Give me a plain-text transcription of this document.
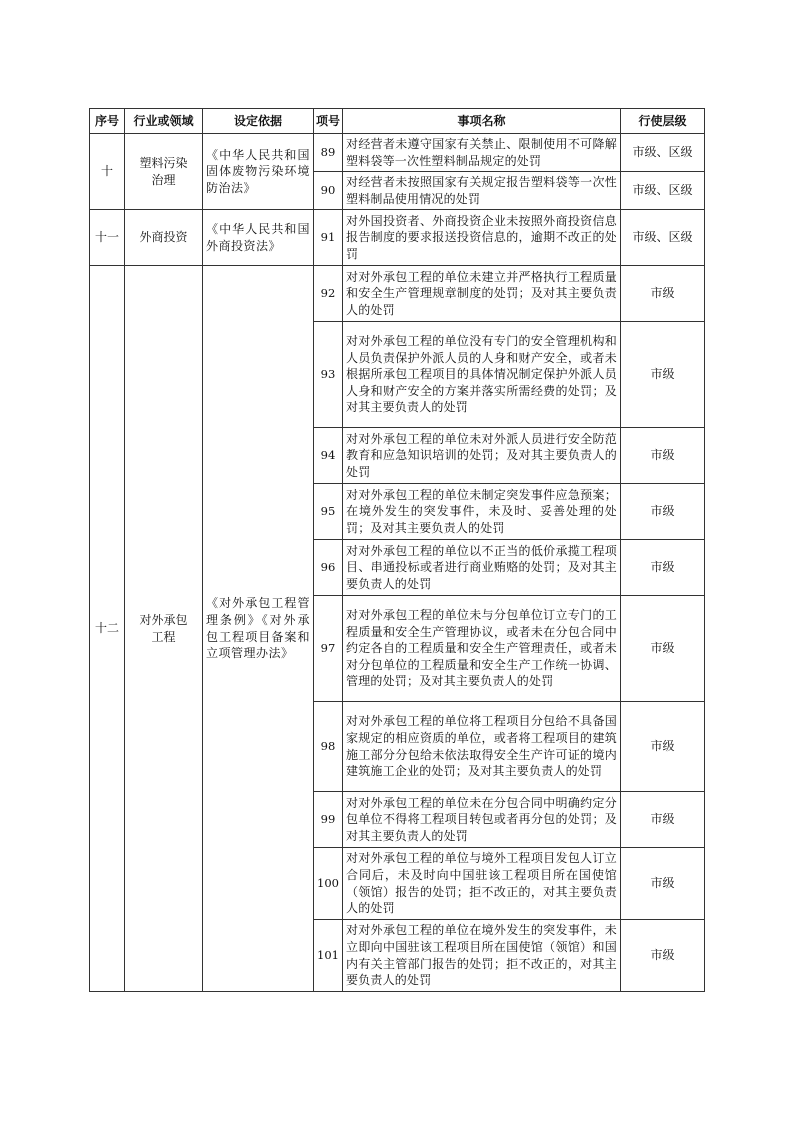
序号	行业或领域	设定依据	项号	事项名称	行使层级
十	塑料污染治理	《中华人民共和国固体废物污染环境防治法》	89	对经营者未遵守国家有关禁止、限制使用不可降解塑料袋等一次性塑料制品规定的处罚	市级、区级
			90	对经营者未按照国家有关规定报告塑料袋等一次性塑料制品使用情况的处罚	市级、区级
十一	外商投资	《中华人民共和国外商投资法》	91	对外国投资者、外商投资企业未按照外商投资信息报告制度的要求报送投资信息的，逾期不改正的处罚	市级、区级
十二	对外承包工程	《对外承包工程管理条例》《对外承包工程项目备案和立项管理办法》	92	对对外承包工程的单位未建立并严格执行工程质量和安全生产管理规章制度的处罚；及对其主要负责人的处罚	市级
			93	对对外承包工程的单位没有专门的安全管理机构和人员负责保护外派人员的人身和财产安全，或者未根据所承包工程项目的具体情况制定保护外派人员人身和财产安全的方案并落实所需经费的处罚；及对其主要负责人的处罚	市级
			94	对对外承包工程的单位未对外派人员进行安全防范教育和应急知识培训的处罚；及对其主要负责人的处罚	市级
			95	对对外承包工程的单位未制定突发事件应急预案；在境外发生的突发事件，未及时、妥善处理的处罚；及对其主要负责人的处罚	市级
			96	对对外承包工程的单位以不正当的低价承揽工程项目、串通投标或者进行商业贿赂的处罚；及对其主要负责人的处罚	市级
			97	对对外承包工程的单位未与分包单位订立专门的工程质量和安全生产管理协议，或者未在分包合同中约定各自的工程质量和安全生产管理责任，或者未对分包单位的工程质量和安全生产工作统一协调、管理的处罚；及对其主要负责人的处罚	市级
			98	对对外承包工程的单位将工程项目分包给不具备国家规定的相应资质的单位，或者将工程项目的建筑施工部分分包给未依法取得安全生产许可证的境内建筑施工企业的处罚；及对其主要负责人的处罚	市级
			99	对对外承包工程的单位未在分包合同中明确约定分包单位不得将工程项目转包或者再分包的处罚；及对其主要负责人的处罚	市级
			100	对对外承包工程的单位与境外工程项目发包人订立合同后，未及时向中国驻该工程项目所在国使馆（领馆）报告的处罚；拒不改正的，对其主要负责人的处罚	市级
			101	对对外承包工程的单位在境外发生的突发事件，未立即向中国驻该工程项目所在国使馆（领馆）和国内有关主管部门报告的处罚；拒不改正的，对其主要负责人的处罚	市级
